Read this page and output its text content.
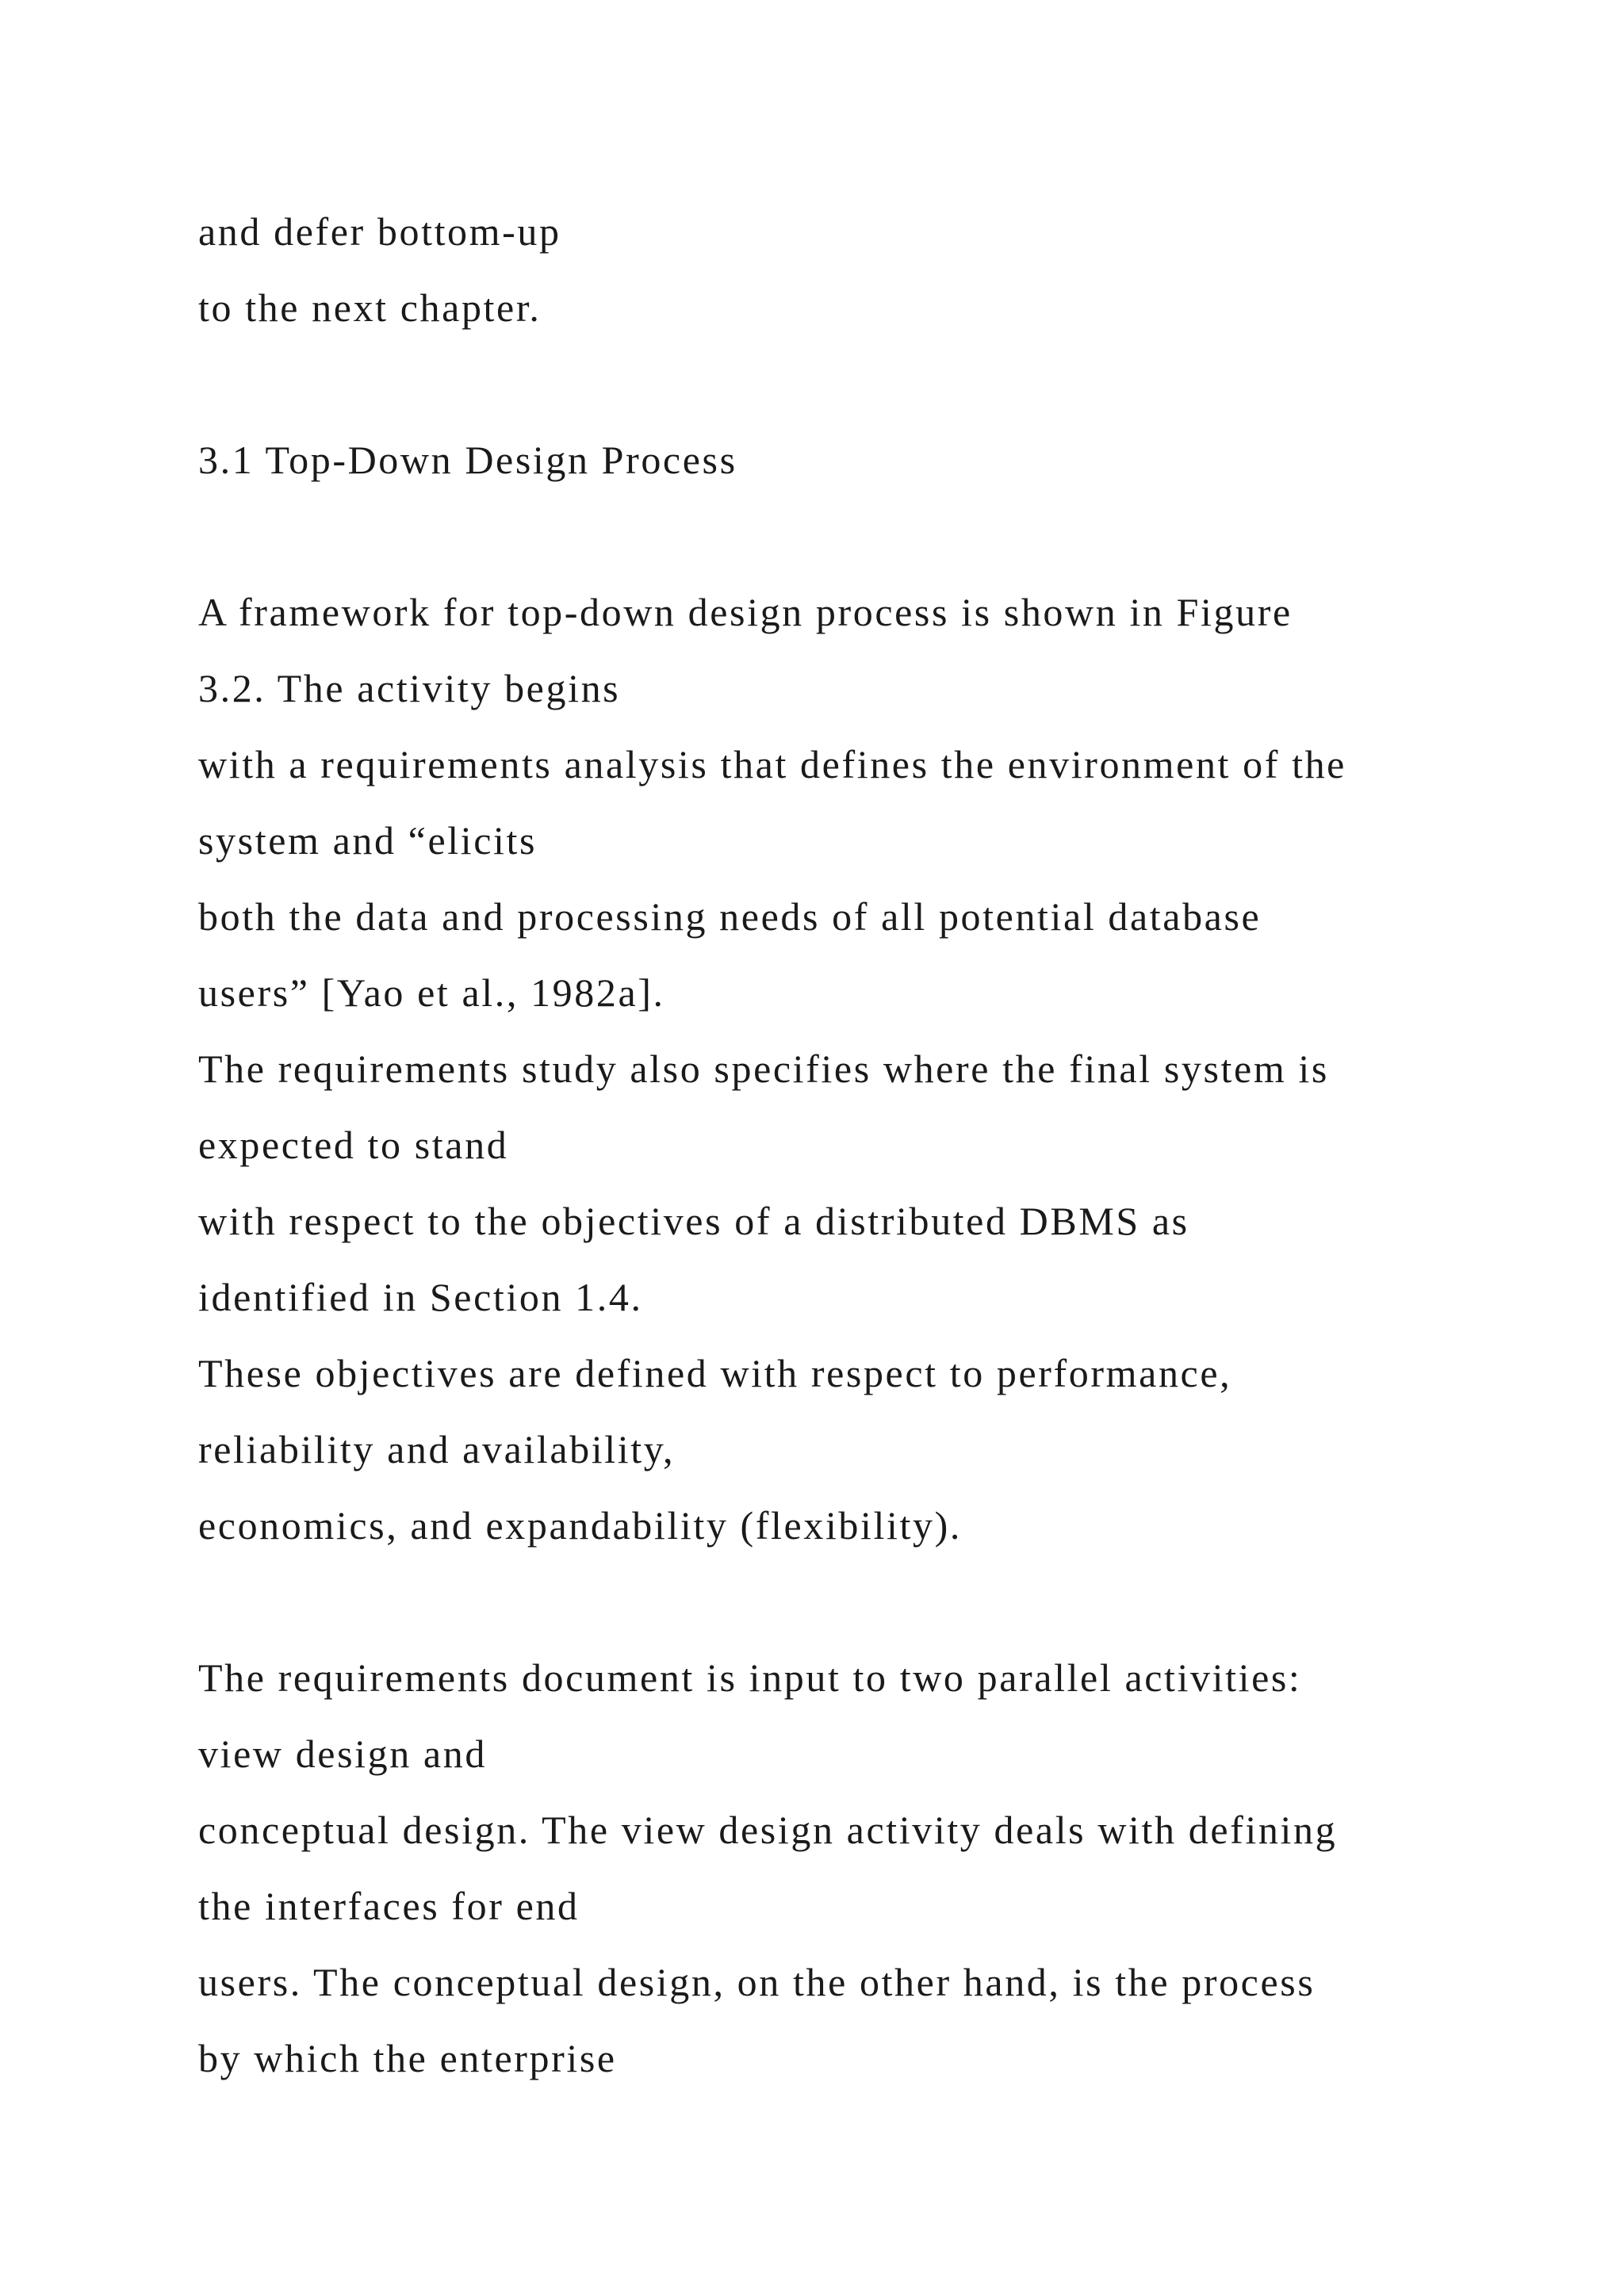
and defer bottom-up
to the next chapter.
3.1 Top-Down Design Process
A framework for top-down design process is shown in Figure
3.2. The activity begins
with a requirements analysis that defines the environment of the
system and “elicits
both the data and processing needs of all potential database
users” [Yao et al., 1982a].
The requirements study also specifies where the final system is
expected to stand
with respect to the objectives of a distributed DBMS as
identified in Section 1.4.
These objectives are defined with respect to performance,
reliability and availability,
economics, and expandability (flexibility).
The requirements document is input to two parallel activities:
view design and
conceptual design. The view design activity deals with defining
the interfaces for end
users. The conceptual design, on the other hand, is the process
by which the enterprise
